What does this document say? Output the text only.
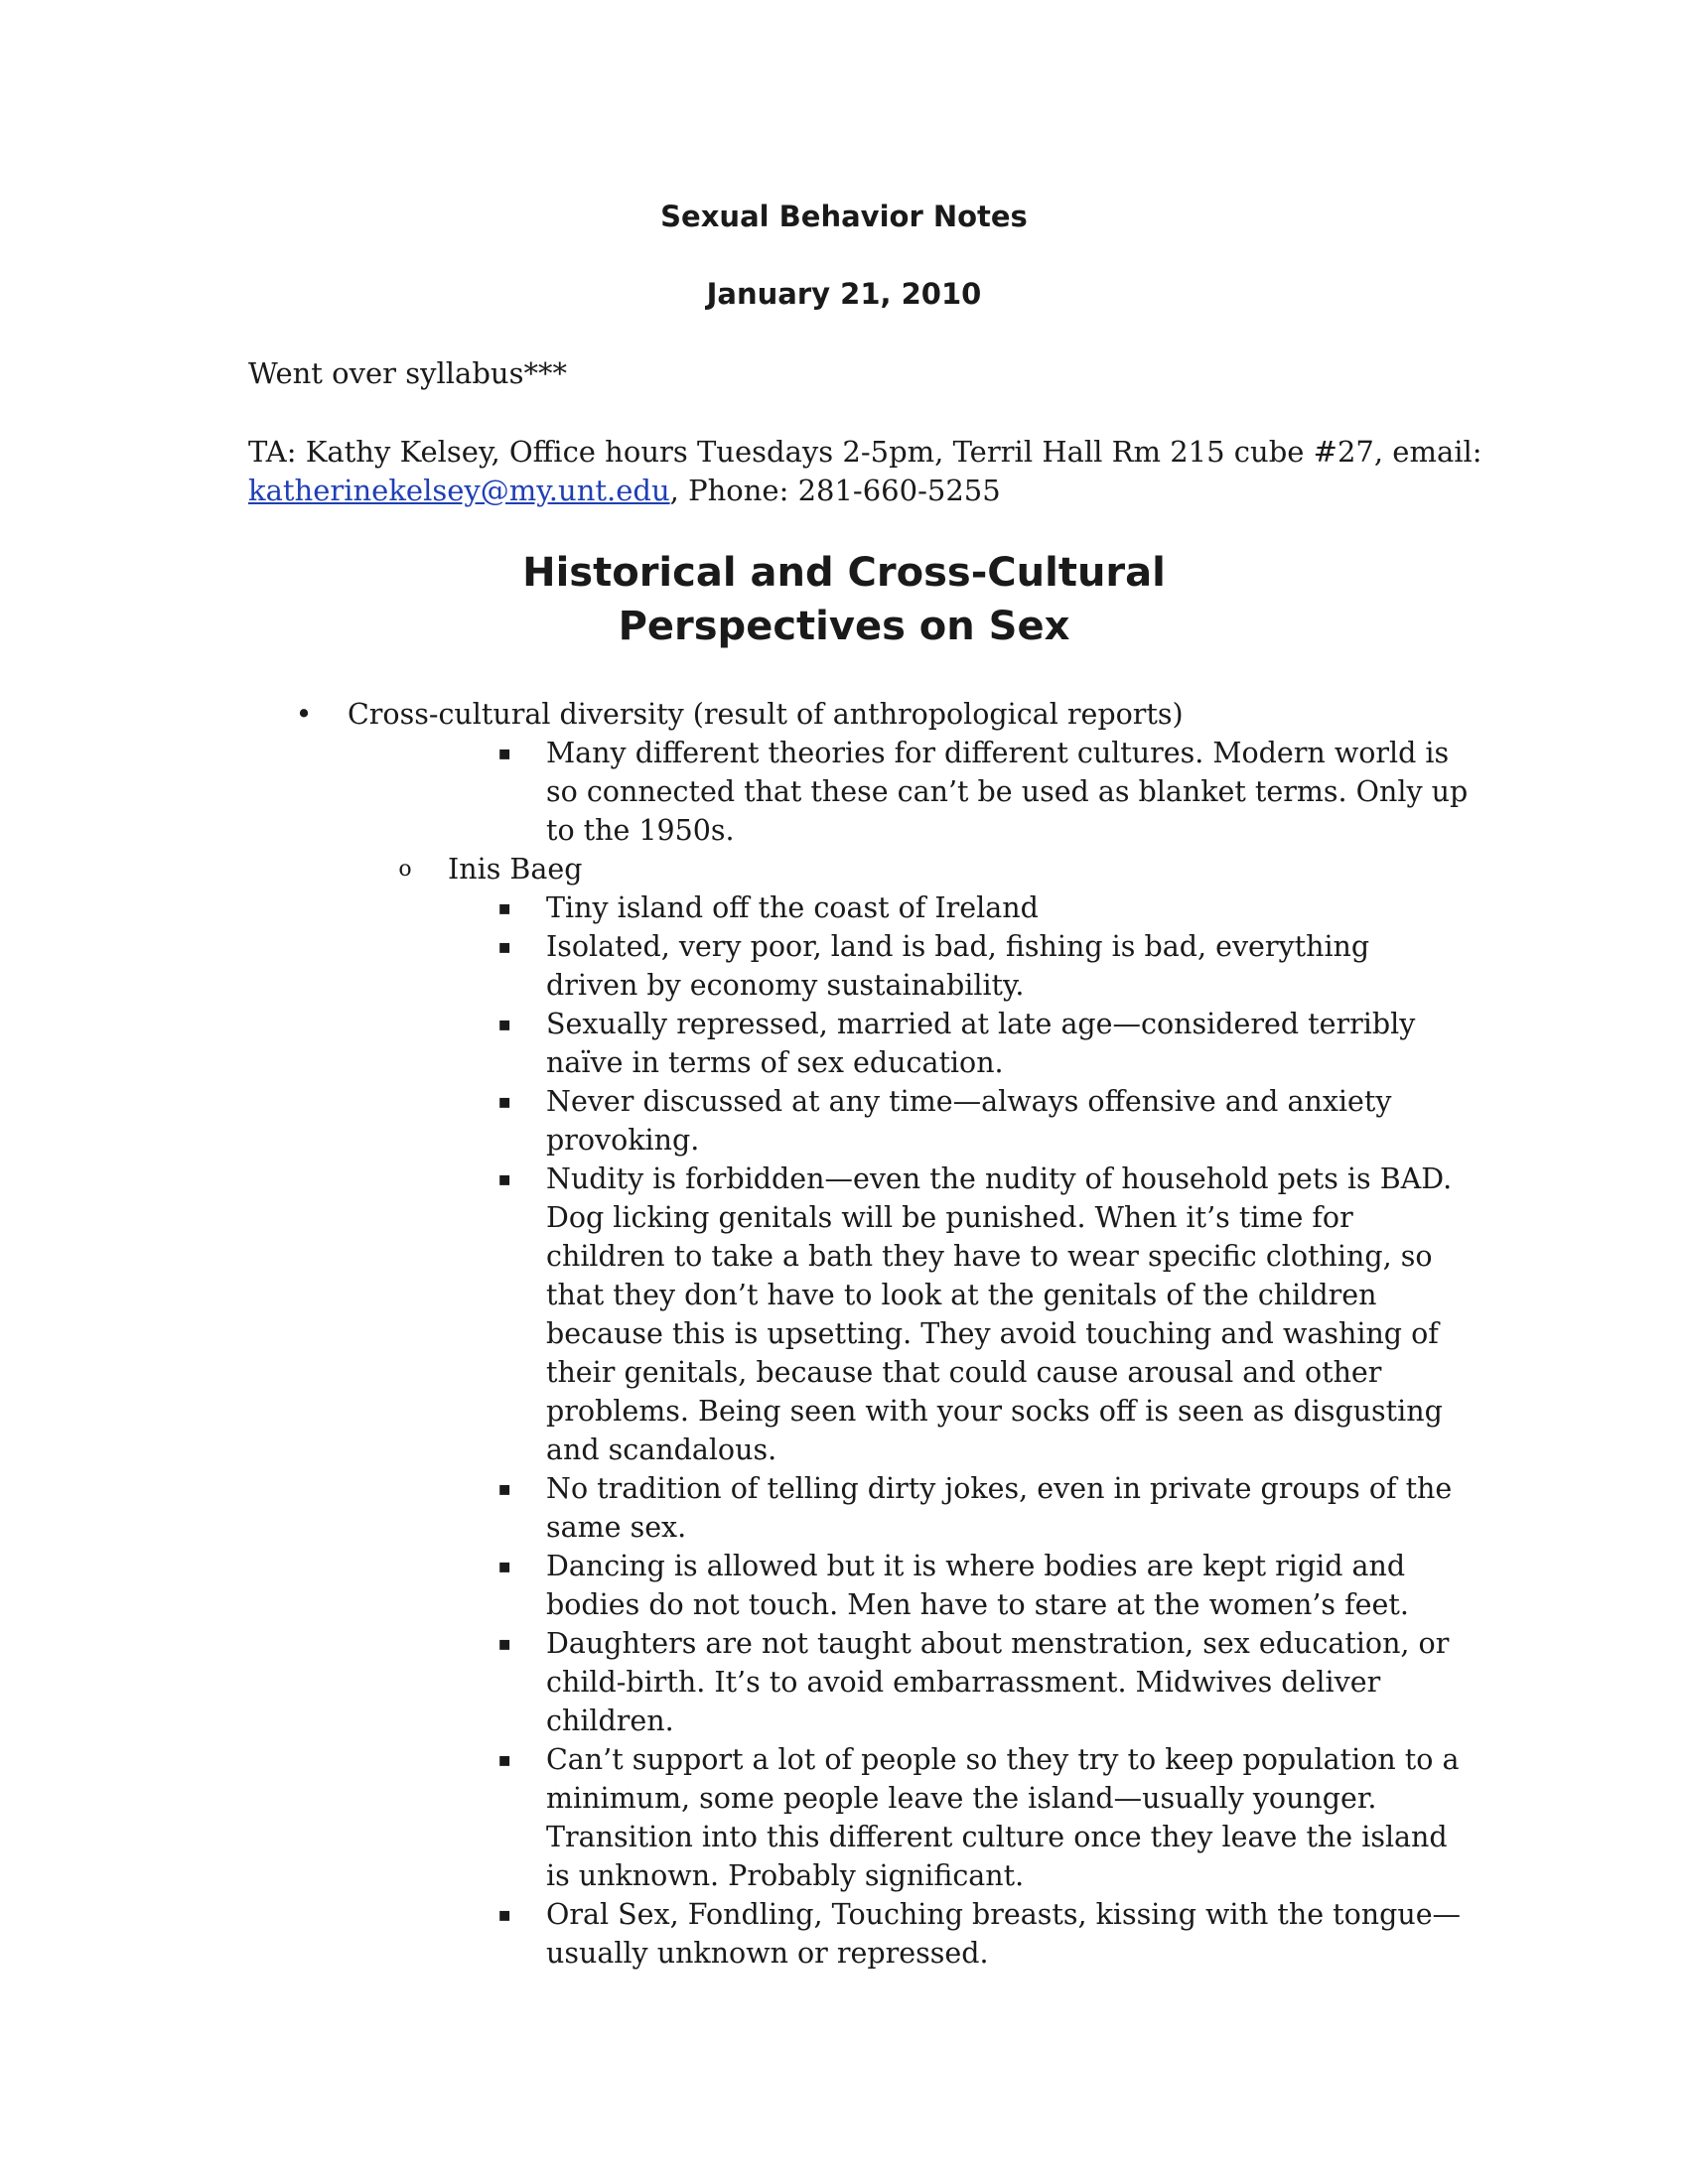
Sexual Behavior Notes
January 21, 2010
Went over syllabus***
TA: Kathy Kelsey, Office hours Tuesdays 2-5pm, Terril Hall Rm 215 cube #27, email:
katherinekelsey@my.unt.edu, Phone: 281-660-5255
Historical and Cross-Cultural
Perspectives on Sex
• Cross-cultural diversity (result of anthropological reports)
▪ Many different theories for different cultures. Modern world is
so connected that these can’t be used as blanket terms. Only up
to the 1950s.
o Inis Baeg
▪ Tiny island off the coast of Ireland
▪ Isolated, very poor, land is bad, fishing is bad, everything
driven by economy sustainability.
▪ Sexually repressed, married at late age—considered terribly
naïve in terms of sex education.
▪ Never discussed at any time—always offensive and anxiety
provoking.
▪ Nudity is forbidden—even the nudity of household pets is BAD.
Dog licking genitals will be punished. When it’s time for
children to take a bath they have to wear specific clothing, so
that they don’t have to look at the genitals of the children
because this is upsetting. They avoid touching and washing of
their genitals, because that could cause arousal and other
problems. Being seen with your socks off is seen as disgusting
and scandalous.
▪ No tradition of telling dirty jokes, even in private groups of the
same sex.
▪ Dancing is allowed but it is where bodies are kept rigid and
bodies do not touch. Men have to stare at the women’s feet.
▪ Daughters are not taught about menstration, sex education, or
child-birth. It’s to avoid embarrassment. Midwives deliver
children.
▪ Can’t support a lot of people so they try to keep population to a
minimum, some people leave the island—usually younger.
Transition into this different culture once they leave the island
is unknown. Probably significant.
▪ Oral Sex, Fondling, Touching breasts, kissing with the tongue—
usually unknown or repressed.
